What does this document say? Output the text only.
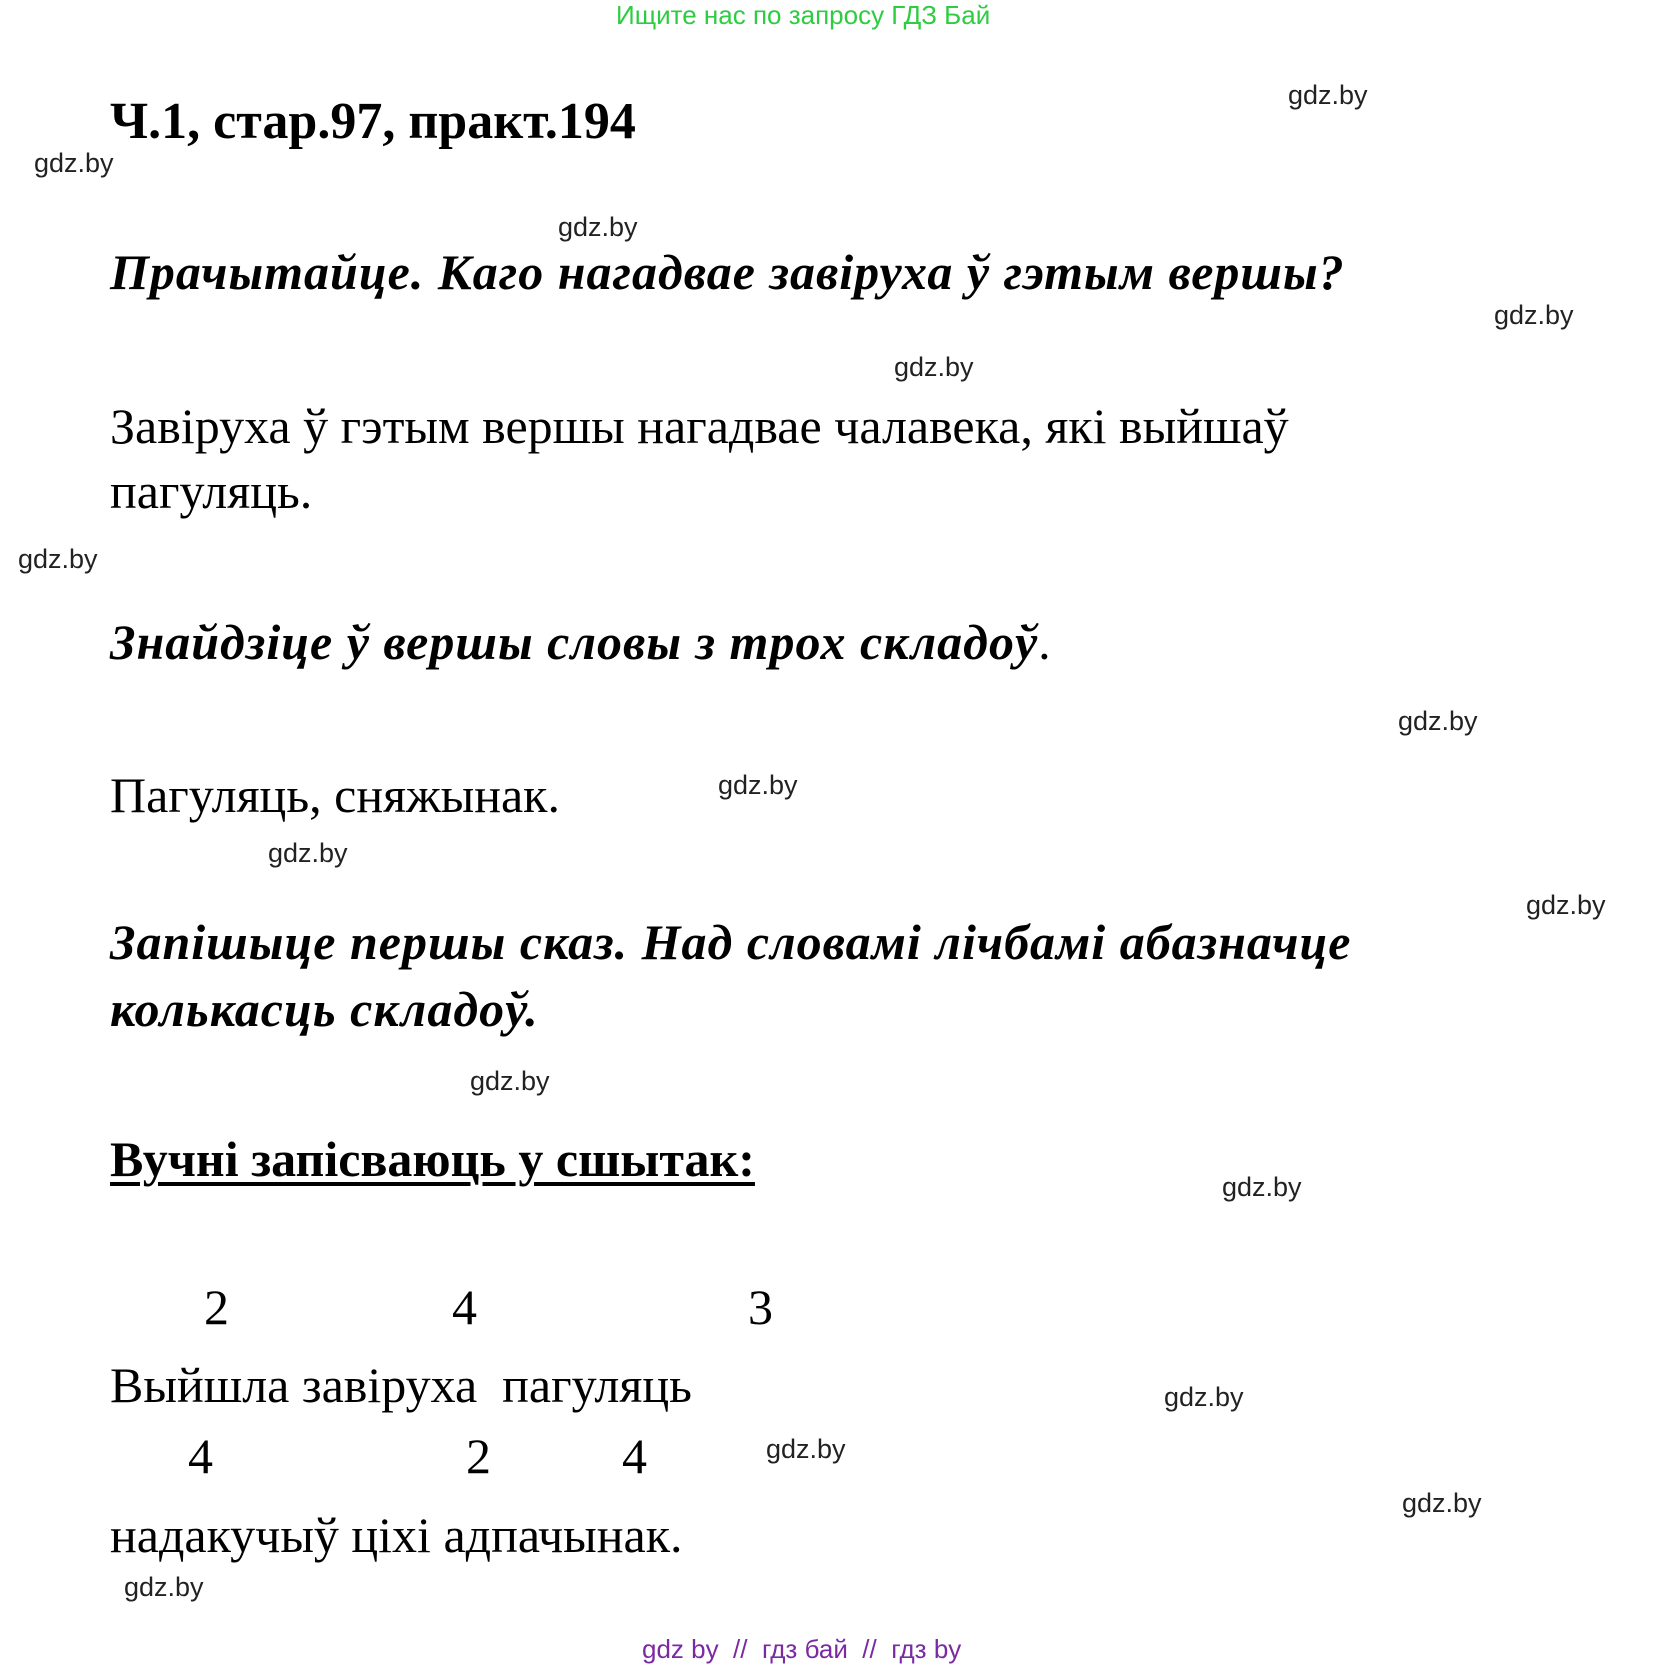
Ищите нас по запросу ГДЗ Бай
Ч.1, стар.97, практ.194
Прачытайце. Каго нагадвае завіруха ў гэтым вершы?
Завіруха ў гэтым вершы нагадвае чалавека, які выйшаў
пагуляць.
Знайдзіце ў вершы словы з трох складоў.
Пагуляць, сняжынак.
Запішыце першы сказ. Над словамі лічбамі абазначце
колькасць складоў.
Вучні запісваюць у сшытак:
2	4	3
Выйшла завіруха  пагуляць
4	2	4
надакучыў ціхі адпачынак.
gdz.by
gdz.by
gdz.by
gdz.by
gdz.by
gdz.by
gdz.by
gdz.by
gdz.by
gdz.by
gdz.by
gdz.by
gdz.by
gdz.by
gdz.by
gdz.by
gdz by  //  гдз бай  //  гдз by
